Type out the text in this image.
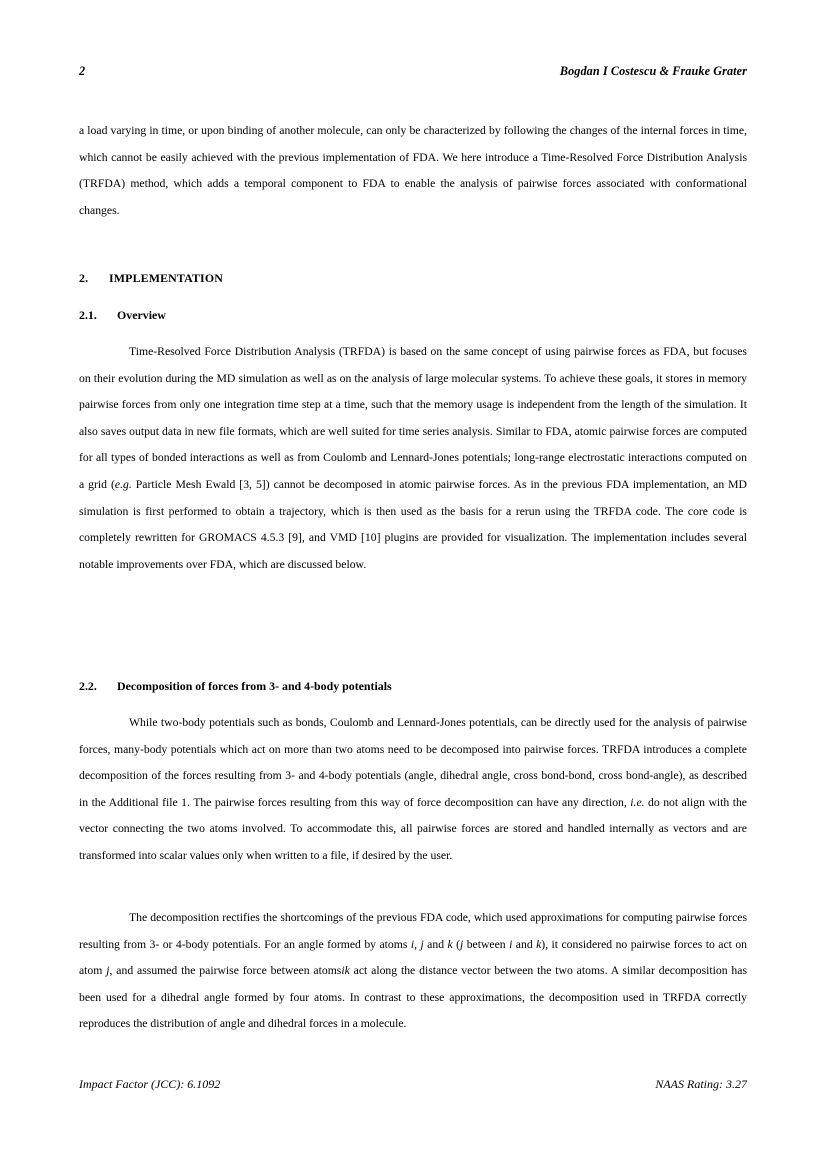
2	Bogdan I Costescu & Frauke Grater

a load varying in time, or upon binding of another molecule, can only be characterized by following the changes of the internal forces in time, which cannot be easily achieved with the previous implementation of FDA. We here introduce a Time-Resolved Force Distribution Analysis (TRFDA) method, which adds a temporal component to FDA to enable the analysis of pairwise forces associated with conformational changes.

2. IMPLEMENTATION

2.1. Overview

Time-Resolved Force Distribution Analysis (TRFDA) is based on the same concept of using pairwise forces as FDA, but focuses on their evolution during the MD simulation as well as on the analysis of large molecular systems. To achieve these goals, it stores in memory pairwise forces from only one integration time step at a time, such that the memory usage is independent from the length of the simulation. It also saves output data in new file formats, which are well suited for time series analysis. Similar to FDA, atomic pairwise forces are computed for all types of bonded interactions as well as from Coulomb and Lennard-Jones potentials; long-range electrostatic interactions computed on a grid (e.g. Particle Mesh Ewald [3, 5]) cannot be decomposed in atomic pairwise forces. As in the previous FDA implementation, an MD simulation is first performed to obtain a trajectory, which is then used as the basis for a rerun using the TRFDA code. The core code is completely rewritten for GROMACS 4.5.3 [9], and VMD [10] plugins are provided for visualization. The implementation includes several notable improvements over FDA, which are discussed below.

2.2. Decomposition of forces from 3- and 4-body potentials

While two-body potentials such as bonds, Coulomb and Lennard-Jones potentials, can be directly used for the analysis of pairwise forces, many-body potentials which act on more than two atoms need to be decomposed into pairwise forces. TRFDA introduces a complete decomposition of the forces resulting from 3- and 4-body potentials (angle, dihedral angle, cross bond-bond, cross bond-angle), as described in the Additional file 1. The pairwise forces resulting from this way of force decomposition can have any direction, i.e. do not align with the vector connecting the two atoms involved. To accommodate this, all pairwise forces are stored and handled internally as vectors and are transformed into scalar values only when written to a file, if desired by the user.

The decomposition rectifies the shortcomings of the previous FDA code, which used approximations for computing pairwise forces resulting from 3- or 4-body potentials. For an angle formed by atoms i, j and k (j between i and k), it considered no pairwise forces to act on atom j, and assumed the pairwise force between atomsik act along the distance vector between the two atoms. A similar decomposition has been used for a dihedral angle formed by four atoms. In contrast to these approximations, the decomposition used in TRFDA correctly reproduces the distribution of angle and dihedral forces in a molecule.

Impact Factor (JCC): 6.1092	NAAS Rating: 3.27
